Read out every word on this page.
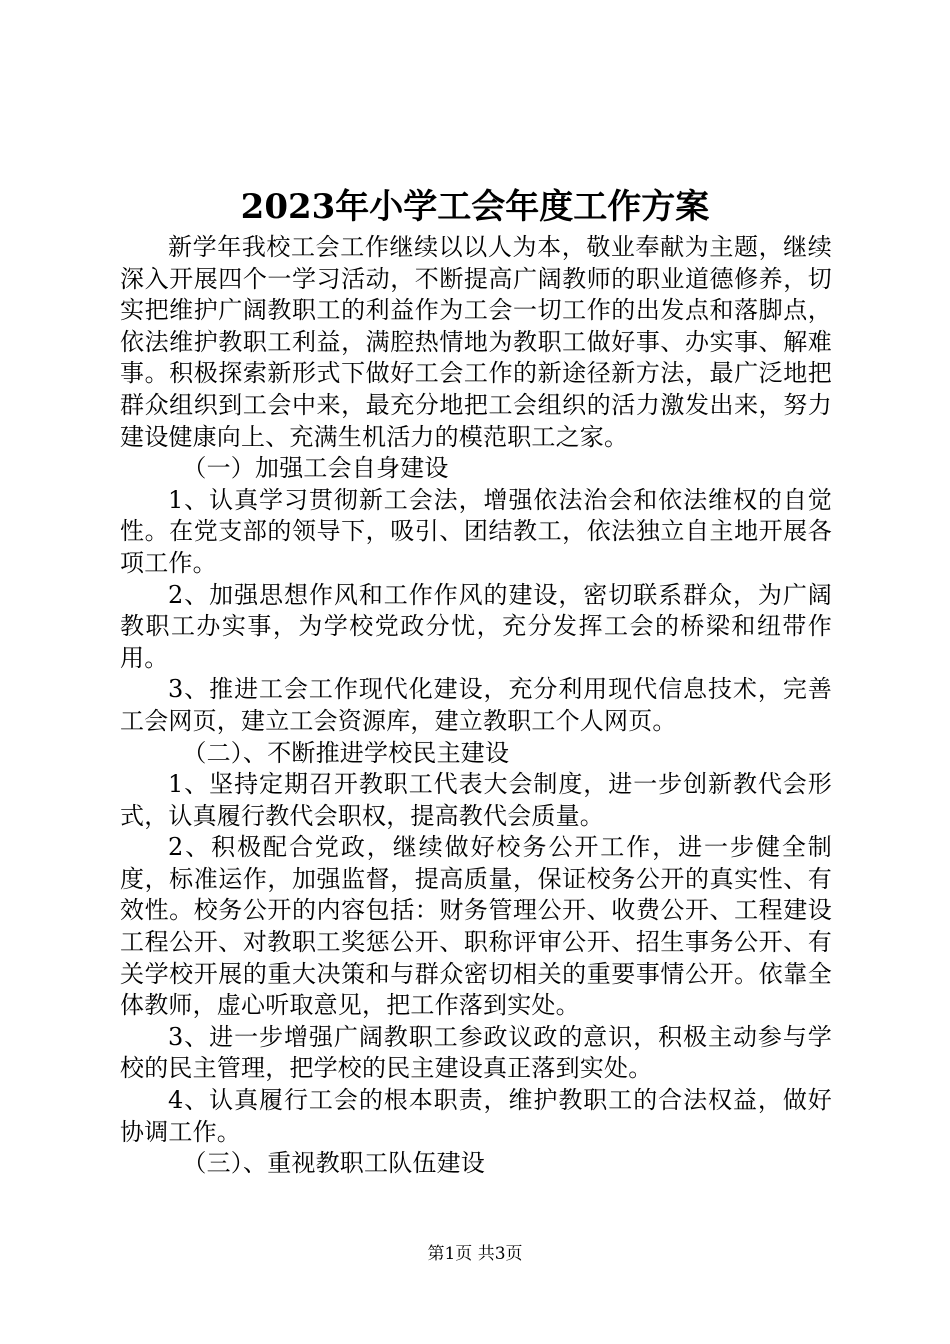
2023年小学工会年度工作方案

新学年我校工会工作继续以以人为本，敬业奉献为主题，继续深入开展四个一学习活动，不断提高广阔教师的职业道德修养，切实把维护广阔教职工的利益作为工会一切工作的出发点和落脚点，依法维护教职工利益，满腔热情地为教职工做好事、办实事、解难事。积极探索新形式下做好工会工作的新途径新方法，最广泛地把群众组织到工会中来，最充分地把工会组织的活力激发出来，努力建设健康向上、充满生机活力的模范职工之家。

（一）加强工会自身建设

1、认真学习贯彻新工会法，增强依法治会和依法维权的自觉性。在党支部的领导下，吸引、团结教工，依法独立自主地开展各项工作。

2、加强思想作风和工作作风的建设，密切联系群众，为广阔教职工办实事，为学校党政分忧，充分发挥工会的桥梁和纽带作用。

3、推进工会工作现代化建设，充分利用现代信息技术，完善工会网页，建立工会资源库，建立教职工个人网页。

（二）、不断推进学校民主建设

1、坚持定期召开教职工代表大会制度，进一步创新教代会形式，认真履行教代会职权，提高教代会质量。

2、积极配合党政，继续做好校务公开工作，进一步健全制度，标准运作，加强监督，提高质量，保证校务公开的真实性、有效性。校务公开的内容包括：财务管理公开、收费公开、工程建设工程公开、对教职工奖惩公开、职称评审公开、招生事务公开、有关学校开展的重大决策和与群众密切相关的重要事情公开。依靠全体教师，虚心听取意见，把工作落到实处。

3、进一步增强广阔教职工参政议政的意识，积极主动参与学校的民主管理，把学校的民主建设真正落到实处。

4、认真履行工会的根本职责，维护教职工的合法权益，做好协调工作。

（三）、重视教职工队伍建设

第1页 共3页
